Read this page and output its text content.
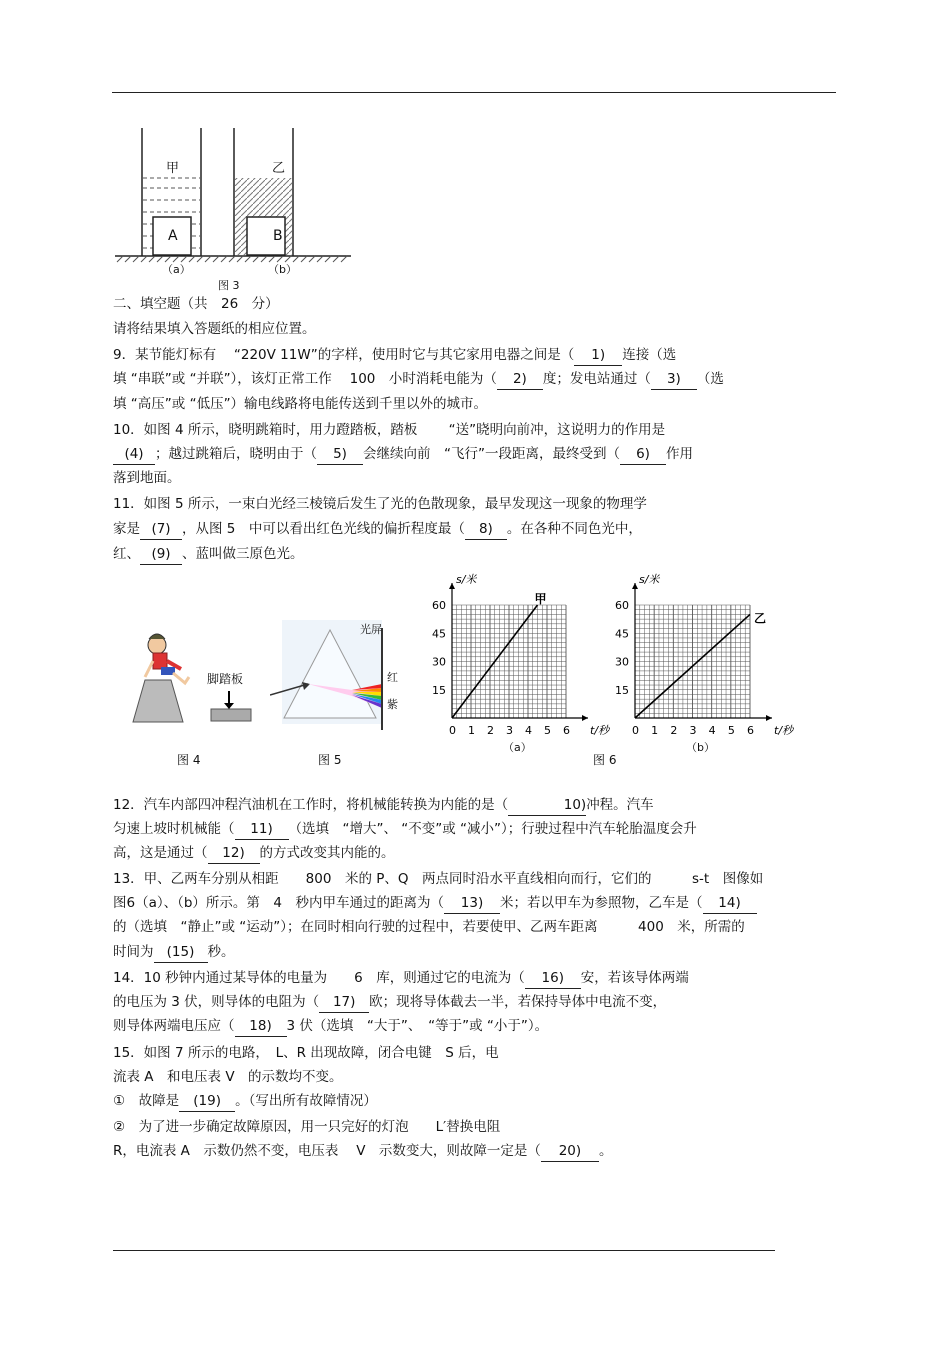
甲	乙
A	B
（a）	（b）
图 3
二、填空题（共　26　分）
请将结果填入答题纸的相应位置。
9．某节能灯标有　 “220V 11W”的字样，使用时它与其它家用电器之间是（ 1) 连接（选
填 “串联”或 “并联”），该灯正常工作　 100　小时消耗电能为（ 2) 度；发电站通过（ 3) （选
填 “高压”或 “低压”）输电线路将电能传送到千里以外的城市。
10．如图 4 所示，晓明跳箱时，用力蹬踏板，踏板　　 “送”晓明向前冲，这说明力的作用是
(4) ；越过跳箱后，晓明由于（ 5) 会继续向前　“飞行”一段距离，最终受到（ 6) 作用
落到地面。
11．如图 5 所示，一束白光经三棱镜后发生了光的色散现象，最早发现这一现象的物理学
家是 (7) ，从图 5　中可以看出红色光线的偏折程度最（ 8) 。在各种不同色光中，
红、 (9) 、蓝叫做三原色光。
脚踏板
图 4
光屏
红
紫
图 5
0 1 2 3 4 5 6
15
30
45
60
t/秒
s/米
甲
0 1 2 3 4 5 6
15
30
45
60
t/秒
s/米
乙
（a）	（b）
图 6
12．汽车内部四冲程汽油机在工作时，将机械能转换为内能的是（	10)冲程。汽车
匀速上坡时机械能（ 11) （选填　“增大”、 “不变”或 “减小”）；行驶过程中汽车轮胎温度会升
高，这是通过（ 12) 的方式改变其内能的。
13．甲、乙两车分别从相距　　800　米的 P、Q　两点同时沿水平直线相向而行，它们的　　　s-t　图像如
图6（a）、（b）所示。第　4　秒内甲车通过的距离为（ 13) 米；若以甲车为参照物，乙车是（ 14)
的（选填　“静止”或 “运动”）；在同时相向行驶的过程中，若要使甲、乙两车距离　　　400　米，所需的
时间为 (15) 秒。
14．10 秒钟内通过某导体的电量为　　6　库，则通过它的电流为（ 16) 安，若该导体两端
的电压为 3 伏，则导体的电阻为（ 17) 欧；现将导体截去一半，若保持导体中电流不变，
则导体两端电压应（ 18) 3 伏（选填　“大于”、　“等于”或 “小于”）。
15．如图 7 所示的电路，　L、R 出现故障，闭合电键　S 后，电
流表 A　和电压表 V　的示数均不变。
①　故障是 (19) 。（写出所有故障情况）
②　为了进一步确定故障原因，用一只完好的灯泡　　L′替换电阻
R，电流表 A　示数仍然不变，电压表　 V　示数变大，则故障一定是（ 20) 。
